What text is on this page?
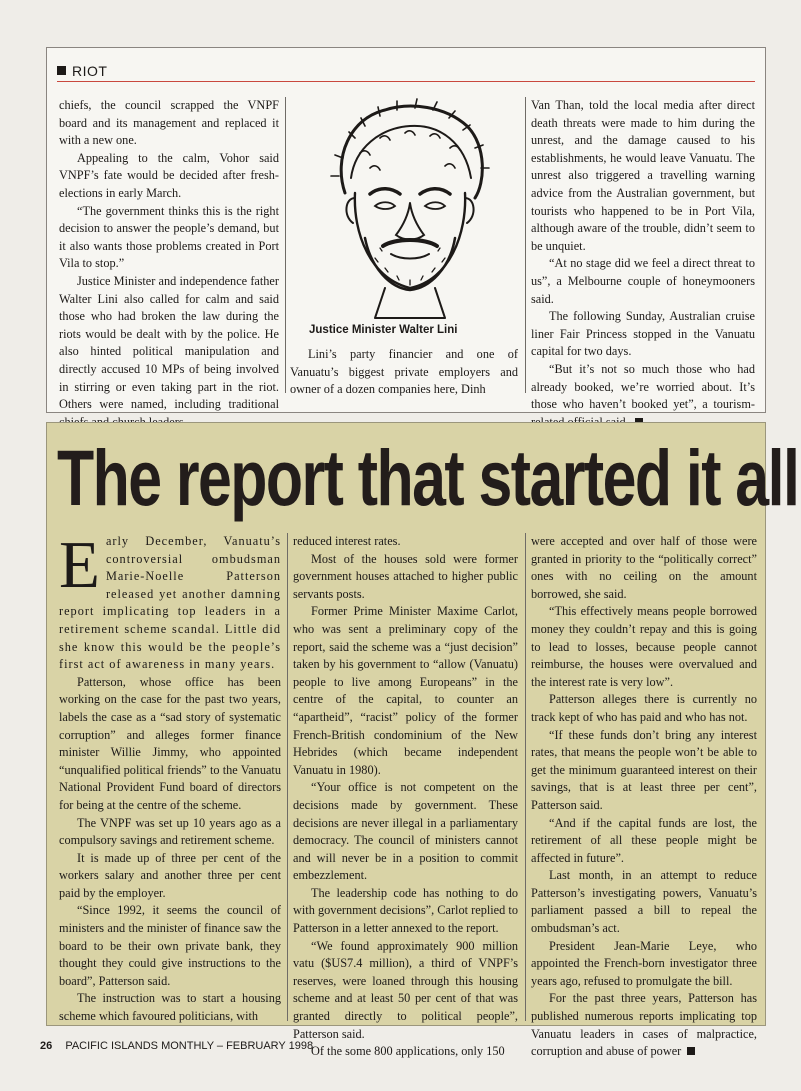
RIOT

chiefs, the council scrapped the VNPF board and its management and replaced it with a new one.

Appealing to the calm, Vohor said VNPF’s fate would be decided after fresh-elections in early March.

“The government thinks this is the right decision to answer the people’s demand, but it also wants those problems created in Port Vila to stop.”

Justice Minister and independence father Walter Lini also called for calm and said those who had broken the law during the riots would be dealt with by the police. He also hinted political manipulation and directly accused 10 MPs of being involved in stirring or even taking part in the riot. Others were named, including traditional

Justice Minister Walter Lini

Lini’s party financier and one of Vanuatu’s biggest private employers and owner of a dozen companies here, Dinh

Van Than, told the local media after direct death threats were made to him during the unrest, and the damage caused to his establishments, he would leave Vanuatu. The unrest also triggered a travelling warning advice from the Australian government, but tourists who happened to be in Port Vila, although aware of the trouble, didn’t seem to be unquiet.

“At no stage did we feel a direct threat to us”, a Melbourne couple of honeymooners said.

The following Sunday, Australian cruise liner Fair Princess stopped in the Vanuatu capital for two days.

“But it’s not so much those who had already booked, we’re worried about. It’s those who haven’t booked yet”, a tourism-

The report that started it all

Early December, Vanuatu’s controversial ombudsman Marie-Noelle Patterson released yet another damning report implicating top leaders in a retirement scheme scandal. Little did she know this would be the people’s first act of awareness in many years.

Patterson, whose office has been working on the case for the past two years, labels the case as a “sad story of systematic corruption” and alleges former finance minister Willie Jimmy, who appointed “unqualified political friends” to the Vanuatu National Provident Fund board of directors for being at the centre of the scheme.

The VNPF was set up 10 years ago as a compulsory savings and retirement scheme.

It is made up of three per cent of the workers salary and another three per cent paid by the employer.

“Since 1992, it seems the council of ministers and the minister of finance saw the board to be their own private bank, they thought they could give instructions to the board”, Patterson said.

The instruction was to start a housing scheme which favoured politicians, with

reduced interest rates.

Most of the houses sold were former government houses attached to higher public servants posts.

Former Prime Minister Maxime Carlot, who was sent a preliminary copy of the report, said the scheme was a “just decision” taken by his government to “allow (Vanuatu) people to live among Europeans” in the centre of the capital, to counter an “apartheid”, “racist” policy of the former French-British condominium of the New Hebrides (which became independent Vanuatu in 1980).

“Your office is not competent on the decisions made by government. These decisions are never illegal in a parliamentary democracy. The council of ministers cannot and will never be in a position to commit embezzlement.

The leadership code has nothing to do with government decisions”, Carlot replied to Patterson in a letter annexed to the report.

“We found approximately 900 million vatu ($US7.4 million), a third of VNPF’s reserves, were loaned through this housing scheme and at least 50 per cent of that was granted directly to political people”, Patterson said.

Of the some 800 applications, only 150

were accepted and over half of those were granted in priority to the “politically correct” ones with no ceiling on the amount borrowed, she said.

“This effectively means people borrowed money they couldn’t repay and this is going to lead to losses, because people cannot reimburse, the houses were overvalued and the interest rate is very low”.

Patterson alleges there is currently no track kept of who has paid and who has not.

“If these funds don’t bring any interest rates, that means the people won’t be able to get the minimum guaranteed interest on their savings, that is at least three per cent”, Patterson said.

“And if the capital funds are lost, the retirement of all these people might be affected in future”.

Last month, in an attempt to reduce Patterson’s investigating powers, Vanuatu’s parliament passed a bill to repeal the ombudsman’s act.

President Jean-Marie Leye, who appointed the French-born investigator three years ago, refused to promulgate the bill.

For the past three years, Patterson has published numerous reports implicating top Vanuatu leaders in cases of malpractice, corruption and abuse of power

26 PACIFIC ISLANDS MONTHLY – FEBRUARY 1998
